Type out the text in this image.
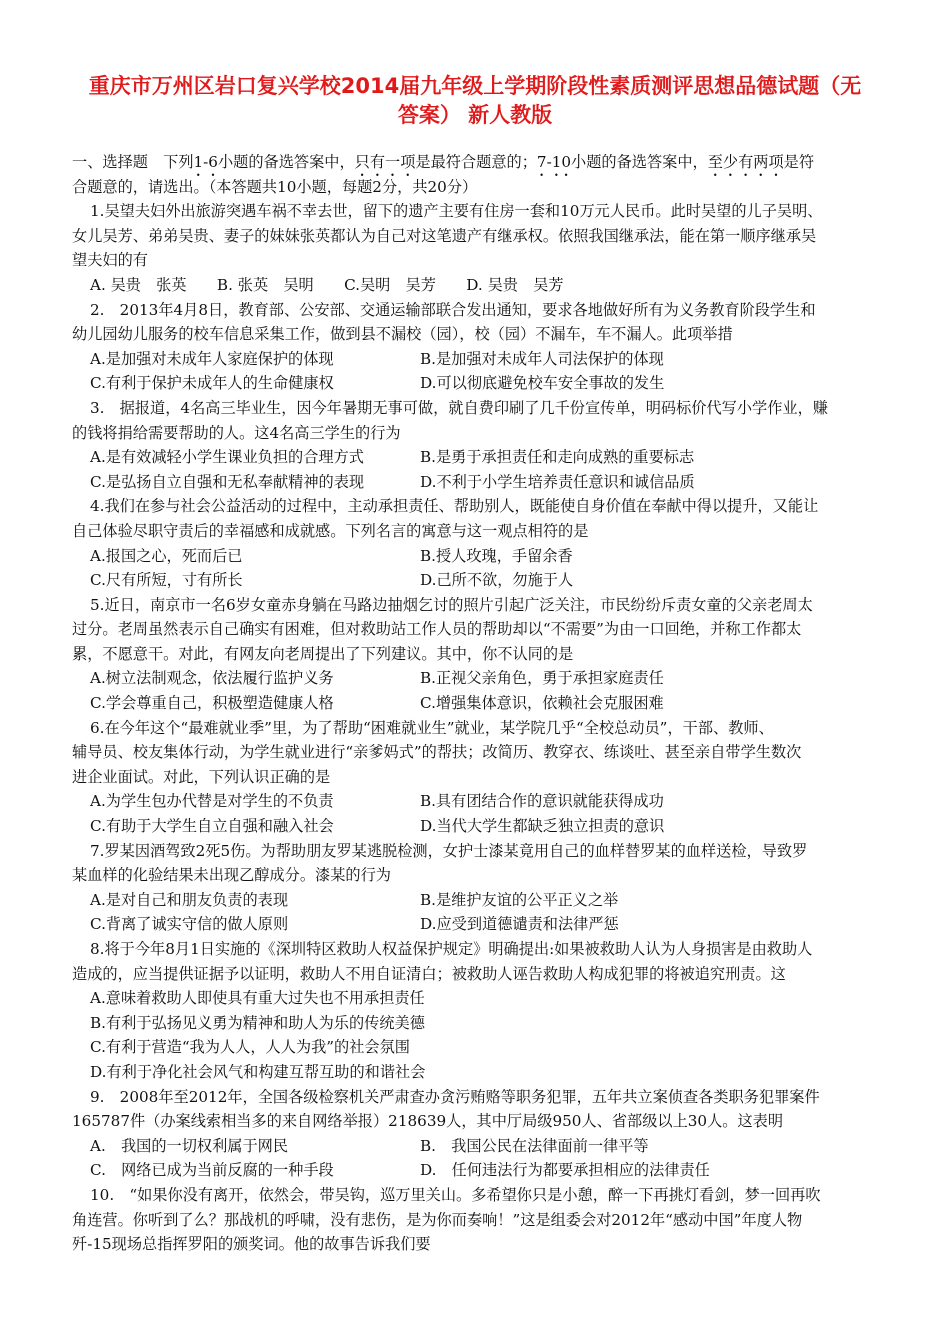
重庆市万州区岩口复兴学校2014届九年级上学期阶段性素质测评思想品德试题（无
答案） 新人教版
一、选择题　下列1-6小题的备选答案中，只有一项是最符合题意的；7-10小题的备选答案中，至少有两项是符
合题意的，请选出。（本答题共10小题，每题2分，共20分）
1.吴望夫妇外出旅游突遇车祸不幸去世，留下的遗产主要有住房一套和10万元人民币。此时吴望的儿子吴明、
女儿吴芳、弟弟吴贵、妻子的妹妹张英都认为自己对这笔遗产有继承权。依照我国继承法，能在第一顺序继承吴
望夫妇的有
A. 吴贵　张英　　B. 张英　吴明　　C.吴明　吴芳　　D. 吴贵　吴芳
2.　2013年4月8日，教育部、公安部、交通运输部联合发出通知，要求各地做好所有为义务教育阶段学生和
幼儿园幼儿服务的校车信息采集工作，做到县不漏校（园），校（园）不漏车，车不漏人。此项举措
A.是加强对未成年人家庭保护的体现	B.是加强对未成年人司法保护的体现
C.有利于保护未成年人的生命健康权	D.可以彻底避免校车安全事故的发生
3.　据报道，4名高三毕业生，因今年暑期无事可做，就自费印刷了几千份宣传单，明码标价代写小学作业，赚
的钱将捐给需要帮助的人。这4名高三学生的行为
A.是有效减轻小学生课业负担的合理方式	B.是勇于承担责任和走向成熟的重要标志
C.是弘扬自立自强和无私奉献精神的表现	D.不利于小学生培养责任意识和诚信品质
4.我们在参与社会公益活动的过程中，主动承担责任、帮助别人，既能使自身价值在奉献中得以提升，又能让
自己体验尽职守责后的幸福感和成就感。下列名言的寓意与这一观点相符的是
A.报国之心，死而后已	B.授人玫瑰，手留余香
C.尺有所短，寸有所长	D.己所不欲，勿施于人
5.近日，南京市一名6岁女童赤身躺在马路边抽烟乞讨的照片引起广泛关注，市民纷纷斥责女童的父亲老周太
过分。老周虽然表示自己确实有困难，但对救助站工作人员的帮助却以“不需要”为由一口回绝，并称工作都太
累，不愿意干。对此，有网友向老周提出了下列建议。其中，你不认同的是
A.树立法制观念，依法履行监护义务	B.正视父亲角色，勇于承担家庭责任
C.学会尊重自己，积极塑造健康人格	C.增强集体意识，依赖社会克服困难
6.在今年这个“最难就业季”里，为了帮助“困难就业生”就业，某学院几乎“全校总动员”，干部、教师、
辅导员、校友集体行动，为学生就业进行“亲爹妈式”的帮扶；改简历、教穿衣、练谈吐、甚至亲自带学生数次
进企业面试。对此，下列认识正确的是
A.为学生包办代替是对学生的不负责	B.具有团结合作的意识就能获得成功
C.有助于大学生自立自强和融入社会	D.当代大学生都缺乏独立担责的意识
7.罗某因酒驾致2死5伤。为帮助朋友罗某逃脱检测，女护士漆某竟用自己的血样替罗某的血样送检，导致罗
某血样的化验结果未出现乙醇成分。漆某的行为
A.是对自己和朋友负责的表现	B.是维护友谊的公平正义之举
C.背离了诚实守信的做人原则	D.应受到道德谴责和法律严惩
8.将于今年8月1日实施的《深圳特区救助人权益保护规定》明确提出:如果被救助人认为人身损害是由救助人
造成的，应当提供证据予以证明，救助人不用自证清白；被救助人诬告救助人构成犯罪的将被追究刑责。这
A.意味着救助人即使具有重大过失也不用承担责任
B.有利于弘扬见义勇为精神和助人为乐的传统美德
C.有利于营造“我为人人，人人为我”的社会氛围
D.有利于净化社会风气和构建互帮互助的和谐社会
9.　2008年至2012年，全国各级检察机关严肃查办贪污贿赂等职务犯罪，五年共立案侦查各类职务犯罪案件
165787件（办案线索相当多的来自网络举报）218639人，其中厅局级950人、省部级以上30人。这表明
A.　我国的一切权利属于网民	B.　我国公民在法律面前一律平等
C.　网络已成为当前反腐的一种手段	D.　任何违法行为都要承担相应的法律责任
10.　“如果你没有离开，依然会，带吴钩，巡万里关山。多希望你只是小憩，醉一下再挑灯看剑，梦一回再吹
角连营。你听到了么？那战机的呼啸，没有悲伤，是为你而奏响！”这是组委会对2012年“感动中国”年度人物
歼-15现场总指挥罗阳的颁奖词。他的故事告诉我们要
